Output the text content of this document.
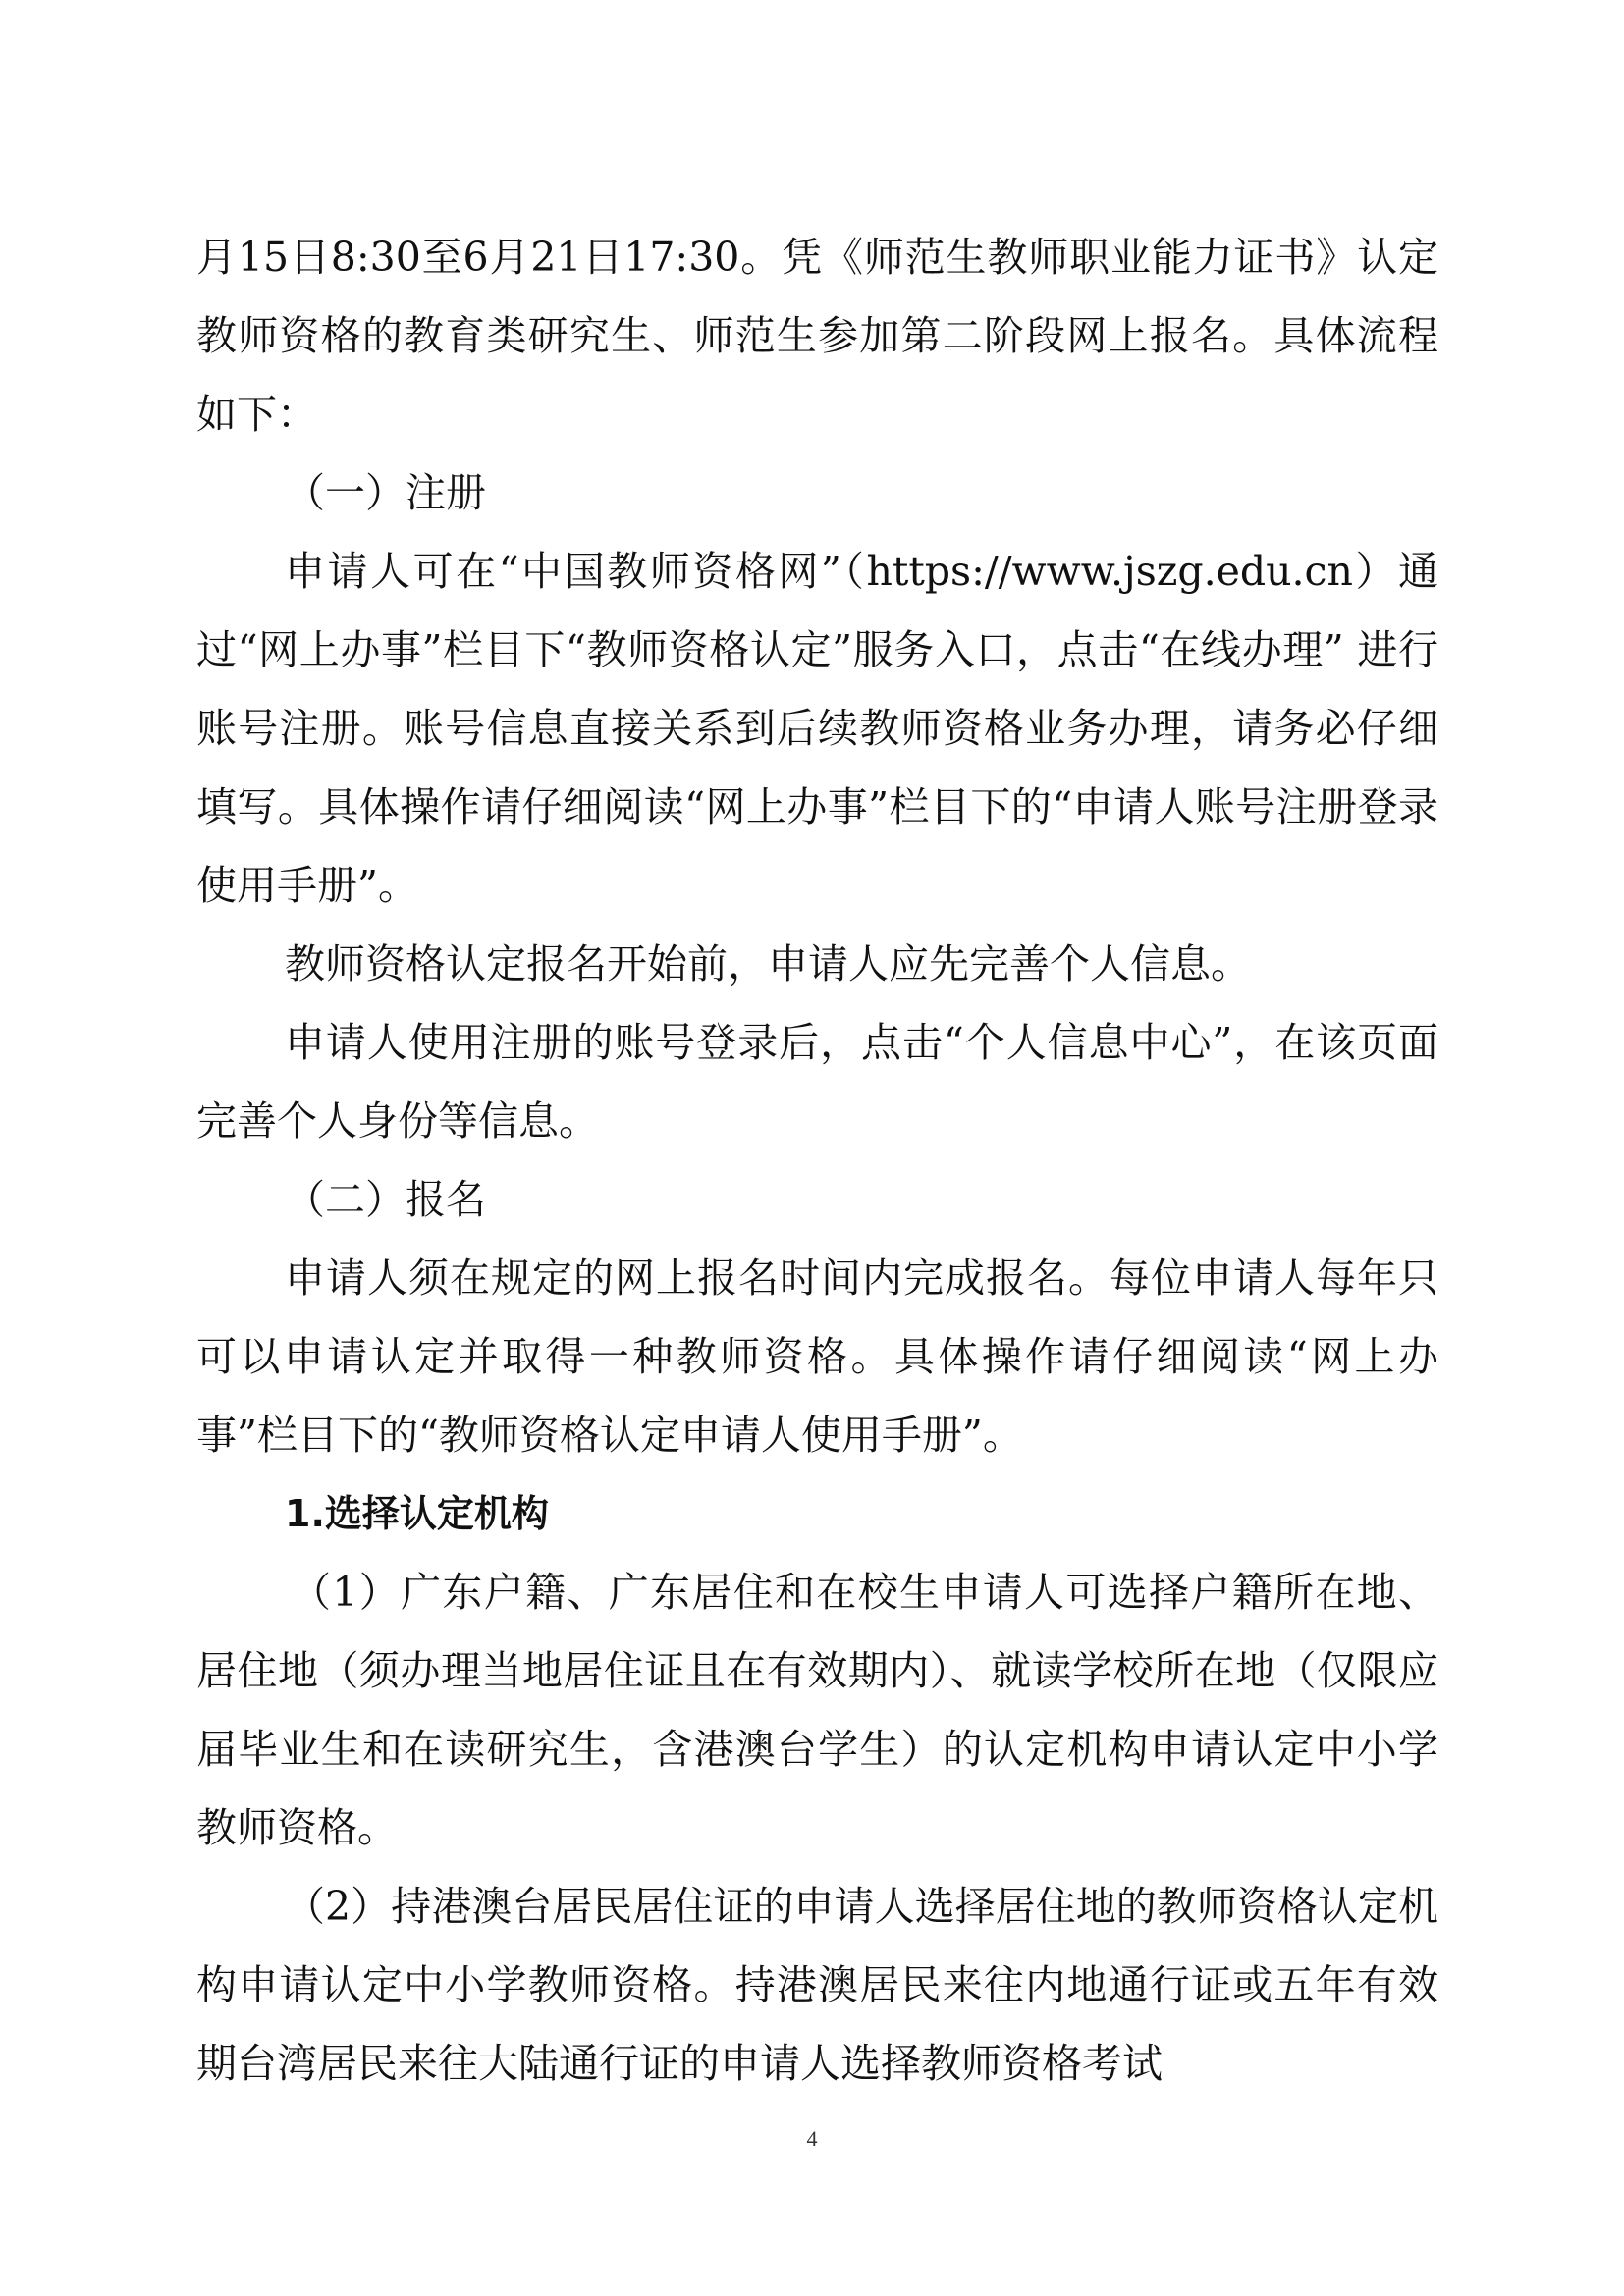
月15日8:30至6月21日17:30。凭《师范生教师职业能力证书》认定教师资格的教育类研究生、师范生参加第二阶段网上报名。具体流程如下：

（一）注册

申请人可在“中国教师资格网”（https://www.jszg.edu.cn）通过“网上办事”栏目下“教师资格认定”服务入口，点击“在线办理” 进行账号注册。账号信息直接关系到后续教师资格业务办理，请务必仔细填写。具体操作请仔细阅读“网上办事”栏目下的“申请人账号注册登录使用手册”。

教师资格认定报名开始前，申请人应先完善个人信息。

申请人使用注册的账号登录后，点击“个人信息中心”，在该页面完善个人身份等信息。

（二）报名

申请人须在规定的网上报名时间内完成报名。每位申请人每年只可以申请认定并取得一种教师资格。具体操作请仔细阅读“网上办事”栏目下的“教师资格认定申请人使用手册”。

1.选择认定机构

（1）广东户籍、广东居住和在校生申请人可选择户籍所在地、居住地（须办理当地居住证且在有效期内）、就读学校所在地（仅限应届毕业生和在读研究生，含港澳台学生）的认定机构申请认定中小学教师资格。

（2）持港澳台居民居住证的申请人选择居住地的教师资格认定机构申请认定中小学教师资格。持港澳居民来往内地通行证或五年有效期台湾居民来往大陆通行证的申请人选择教师资格考试

4
